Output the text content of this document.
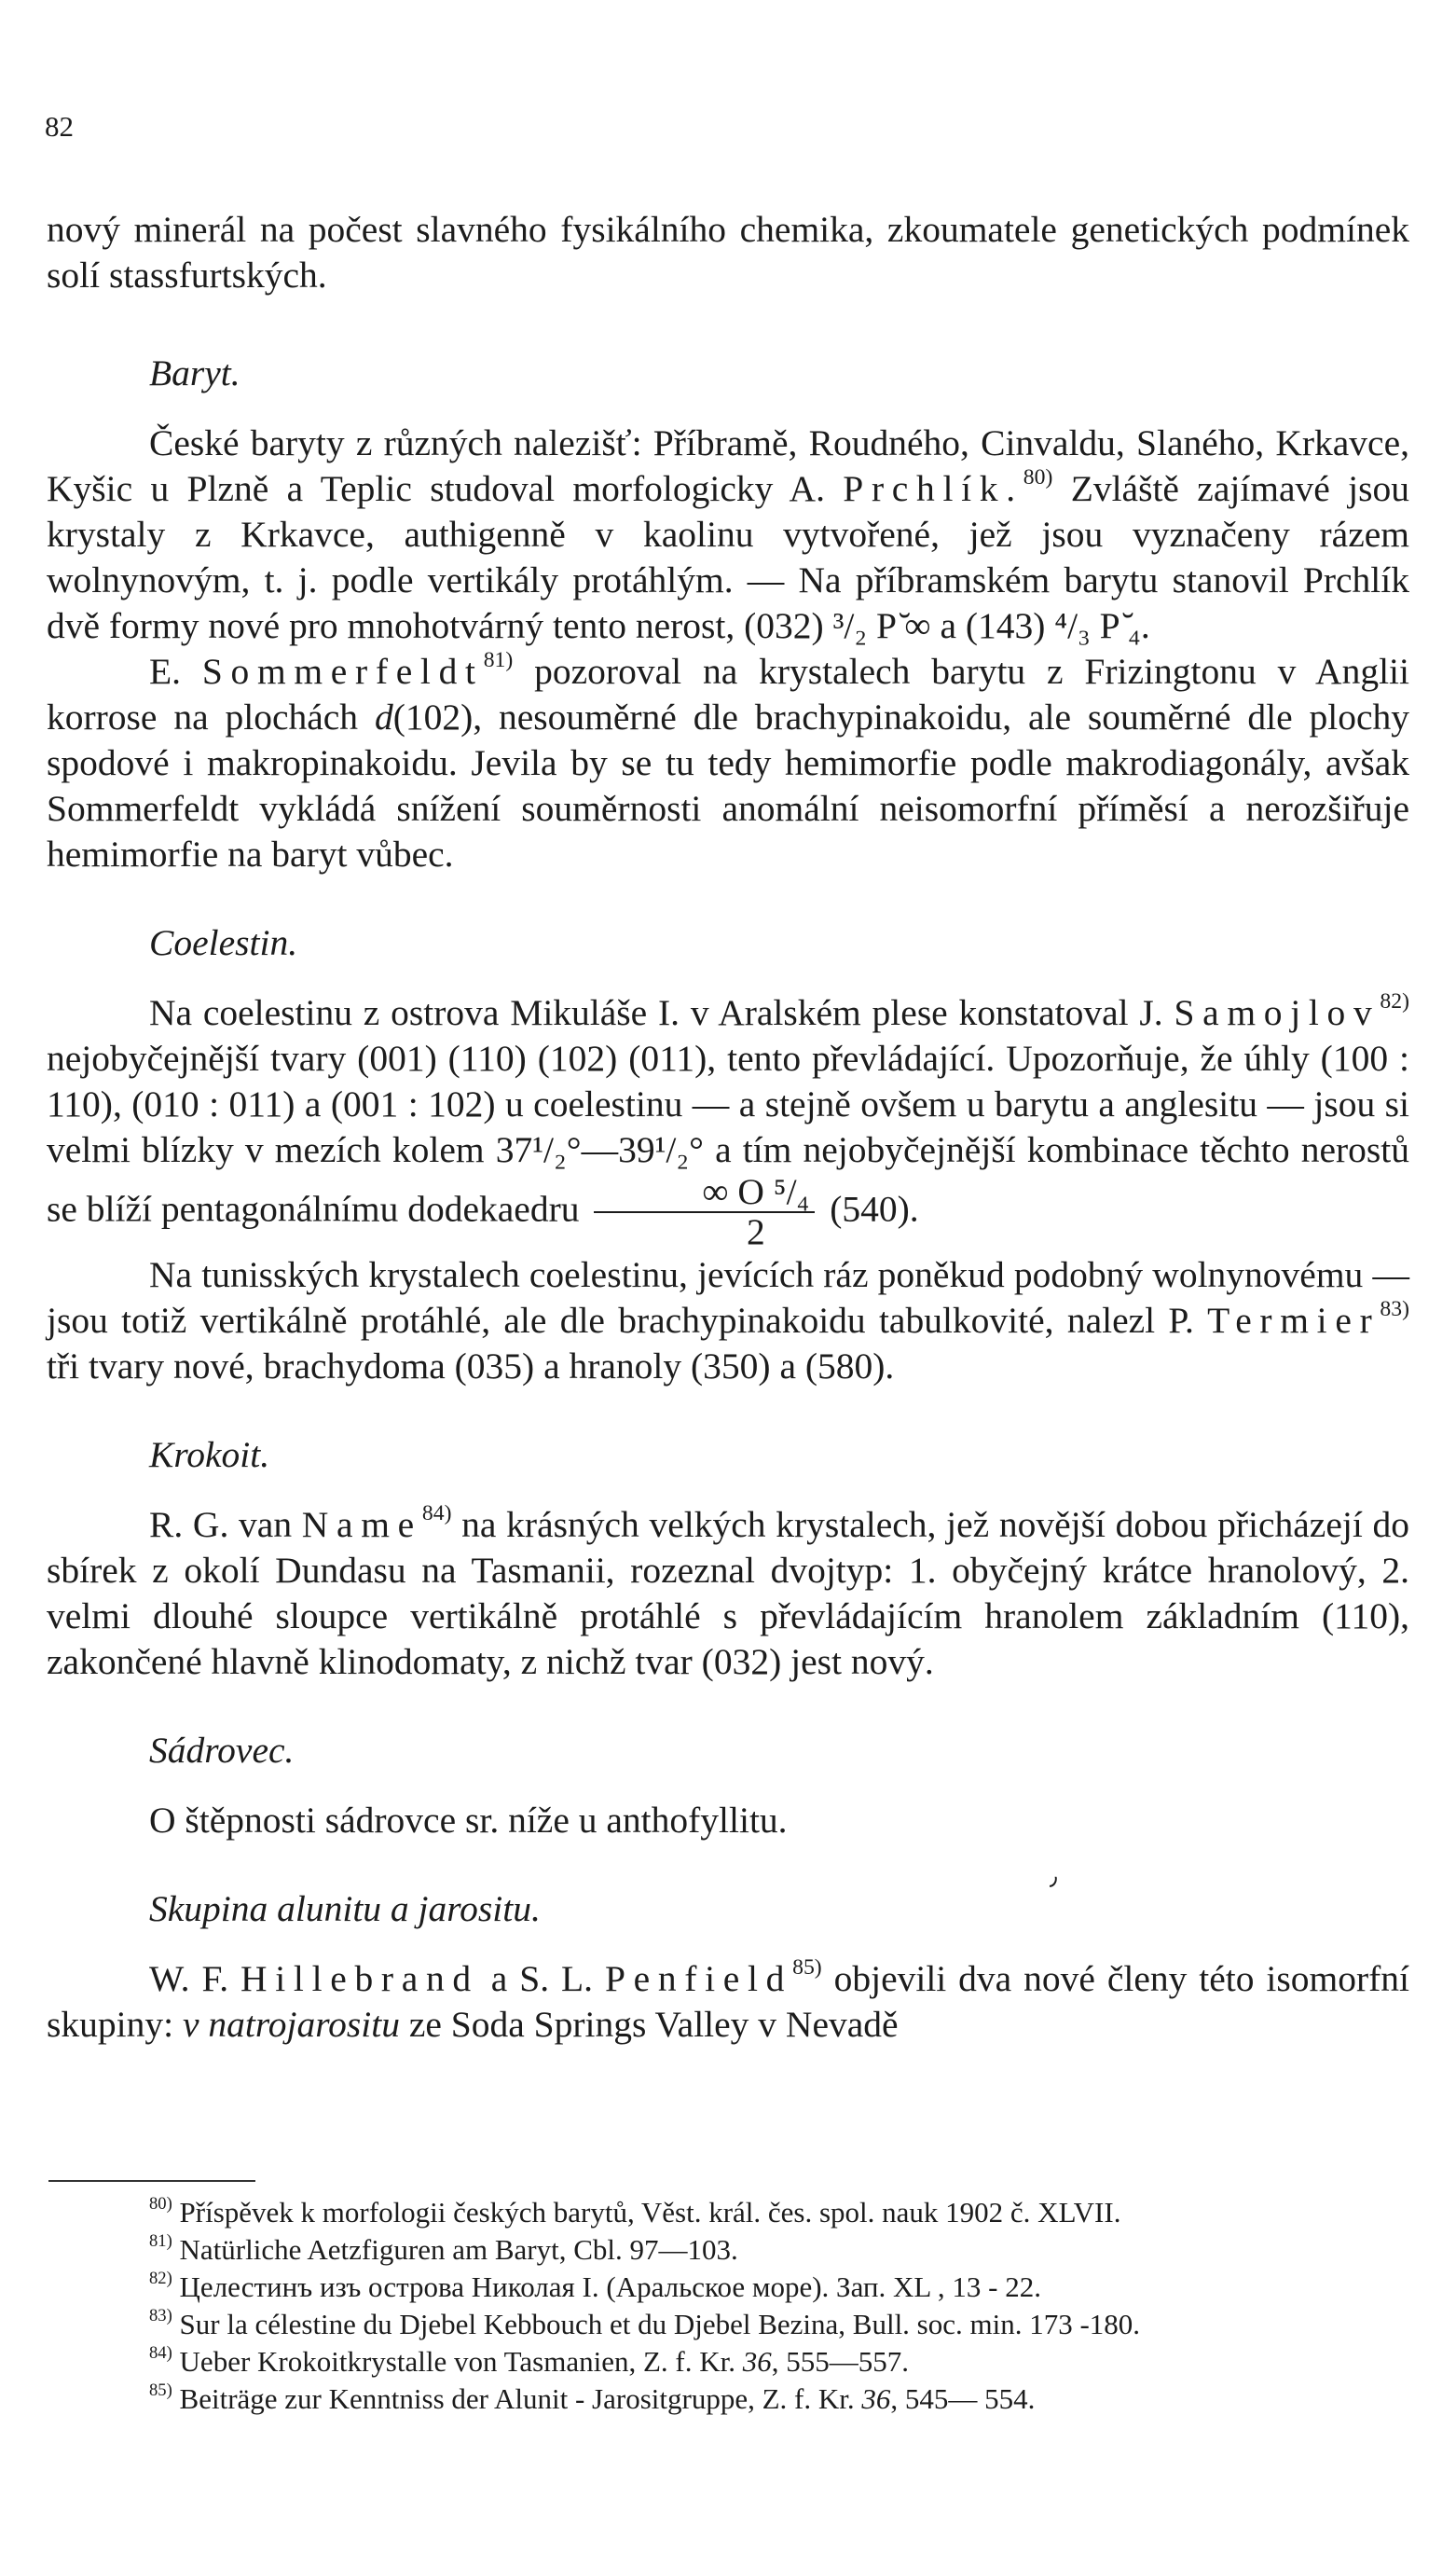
82

nový minerál na počest slavného fysikálního chemika, zkoumatele genetických podmínek solí stassfurtských.

Baryt.

České baryty z různých nalezišť: Příbramě, Roudného, Cinvaldu, Slaného, Krkavce, Kyšic u Plzně a Teplic studoval morfologicky A. Prchlík.$^{80)}$ Zvláště zajímavé jsou krystaly z Krkavce, authigenně v kaolinu vytvořené, jež jsou vyznačeny rázem wolnynovým, t. j. podle vertikály protáhlým. — Na příbramském barytu stanovil Prchlík dvě formy nové pro mnohotvárný tento nerost, (032) ³/₂ P ̆∞ a (143) ⁴/₃ P ̆₄.

E. Sommerfeldt$^{81)}$ pozoroval na krystalech barytu z Frizingtonu v Anglii korrose na plochách d(102), nesouměrné dle brachypinakoidu, ale souměrné dle plochy spodové i makropinakoidu. Jevila by se tu tedy hemimorfie podle makrodiagonály, avšak Sommerfeldt vykládá snížení souměrnosti anomální neisomorfní příměsí a nerozšiřuje hemimorfie na baryt vůbec.

Coelestin.

Na coelestinu z ostrova Mikuláše I. v Aralském plese konstatoval J. Samojlov$^{82)}$ nejobyčejnější tvary (001) (110) (102) (011), tento převládající. Upozorňuje, že úhly (100 : 110), (010 : 011) a (001 : 102) u coelestinu — a stejně ovšem u barytu a anglesitu — jsou si velmi blízky v mezích kolem 37¹/₂°—39¹/₂° a tím nejobyčejnější kombinace těchto nerostů se blíží pentagonálnímu dodekaedru $\frac{\text{∞ O ⁵/₄}}{2} (540)$.

Na tunisských krystalech coelestinu, jevících ráz poněkud podobný wolnynovému — jsou totiž vertikálně protáhlé, ale dle brachypinakoidu tabulkovité, nalezl P. Termier$^{83)}$ tři tvary nové, brachydoma (035) a hranoly (350) a (580).

Krokoit.

R. G. van Name$^{84)}$ na krásných velkých krystalech, jež novější dobou přicházejí do sbírek z okolí Dundasu na Tasmanii, rozeznal dvojtyp: 1. obyčejný krátce hranolový, 2. velmi dlouhé sloupce vertikálně protáhlé s převládajícím hranolem základním (110), zakončené hlavně klinodomaty, z nichž tvar (032) jest nový.

Sádrovec.

O štěpnosti sádrovce sr. níže u anthofyllitu.

Skupina alunitu a jarositu.

W. F. Hillebrand a S. L. Penfield$^{85)}$ objevili dva nové členy této isomorfní skupiny: v natrojarositu ze Soda Springs Valley v Nevadě

٫

$^{80)}$ Příspěvek k morfologii českých barytů, Věst. král. čes. spol. nauk 1902 č. XLVII.

$^{81)}$ Natürliche Aetzfiguren am Baryt, Cbl. 97—103.

$^{82)}$ Целестинъ изъ острова Николая I. (Аральское море). Зап. XL , 13 - 22.

$^{83)}$ Sur la célestine du Djebel Kebbouch et du Djebel Bezina, Bull. soc. min. 173 -180.

$^{84)}$ Ueber Krokoitkrystalle von Tasmanien, Z. f. Kr. 36, 555—557.

$^{85)}$ Beiträge zur Kenntniss der Alunit - Jarositgruppe, Z. f. Kr. 36, 545— 554.
